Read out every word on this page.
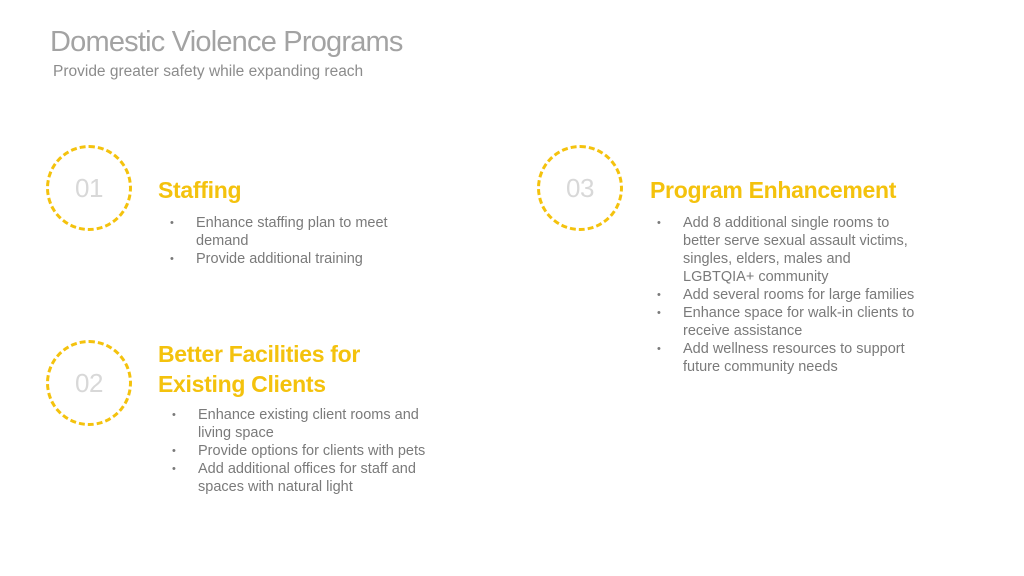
Domestic Violence Programs

Provide greater safety while expanding reach

01 Staffing
• Enhance staffing plan to meet demand
• Provide additional training
02
Better Facilities for
Existing Clients
• Enhance existing client rooms and living space
• Provide options for clients with pets
• Add additional offices for staff and spaces with natural light
03 Program Enhancement
• Add 8 additional single rooms to better serve sexual assault victims, singles, elders, males and LGBTQIA+ community
• Add several rooms for large families
• Enhance space for walk-in clients to receive assistance
• Add wellness resources to support future community needs
